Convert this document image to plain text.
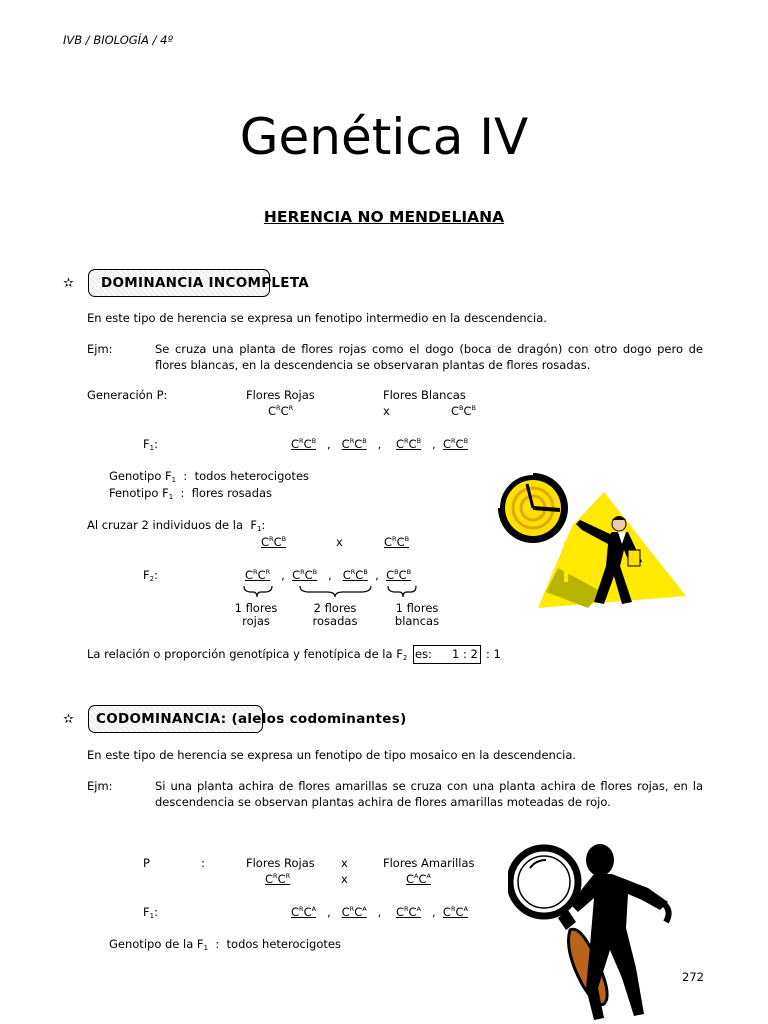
IVB / BIOLOGÍA / 4º
Genética IV
HERENCIA NO MENDELIANA
✫ DOMINANCIA INCOMPLETA
En este tipo de herencia se expresa un fenotipo intermedio en la descendencia.
Ejm:	Se cruza una planta de flores rojas como el dogo (boca de dragón) con otro dogo pero de flores blancas, en la descendencia se observaran plantas de flores rosadas.
Generación P:	Flores Rojas	Flores Blancas
$C^RC^R$	x	$C^BC^B$
$F_1$:	$C^RC^B$   ,   $C^RC^B$   ,    $C^RC^B$   ,  $C^RC^B$
Genotipo $F_1$  :  todos heterocigotes
Fenotipo $F_1$  :  flores rosadas
Al cruzar 2 individuos de la  $F_1$:
$C^RC^B$	x	$C^RC^B$
$F_2$:	$C^RC^R$   ,  $C^RC^B$   ,   $C^RC^B$  ,  $C^BC^B$
1 flores
rojas
2 flores
rosadas
1 flores
blancas
La relación o proporción genotípica y fenotípica de la $F_2$ es: 1 : 2 : 1
✫ CODOMINANCIA: (alelos codominantes)
En este tipo de herencia se expresa un fenotipo de tipo mosaico en la descendencia.
Ejm:	Si una planta achira de flores amarillas se cruza con una planta achira de flores rojas, en la descendencia se observan plantas achira de flores amarillas moteadas de rojo.
P	:	Flores Rojas x	Flores Amarillas
$C^RC^R$	x	$C^AC^A$
$F_1$:	$C^RC^A$   ,   $C^RC^A$   ,    $C^RC^A$   ,  $C^RC^A$
Genotipo de la $F_1$  :  todos heterocigotes
272
